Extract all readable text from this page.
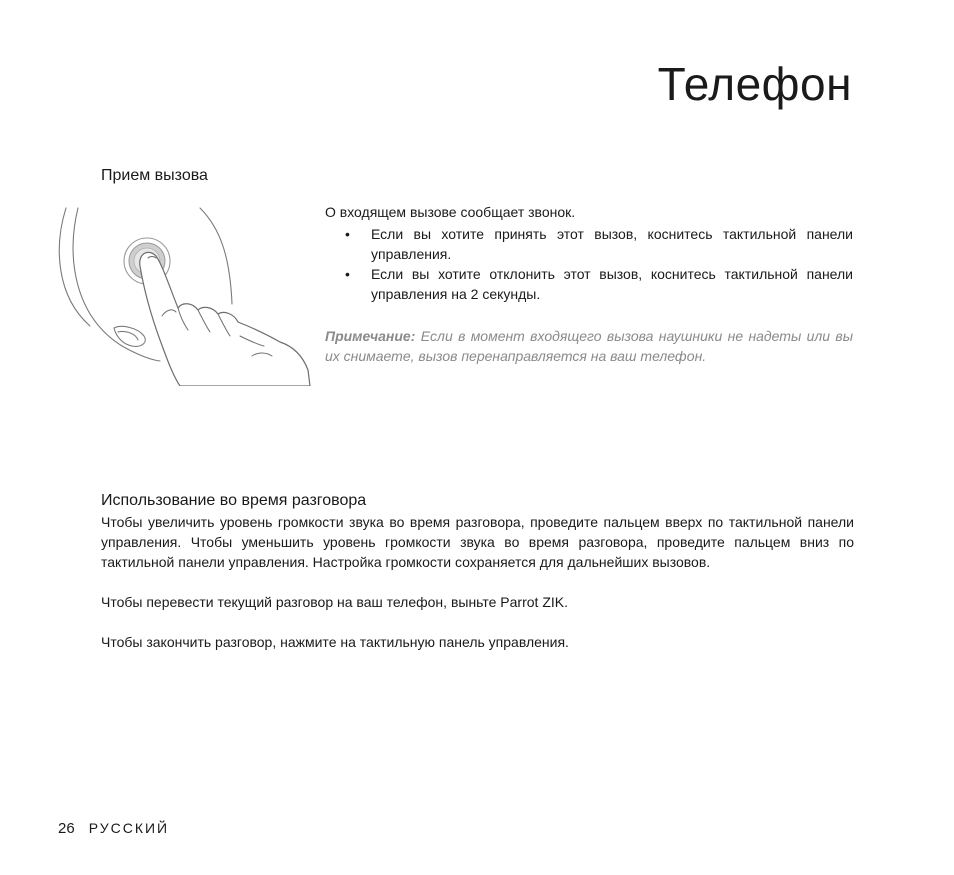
Телефон
Прием вызова

О входящем вызове сообщает звонок.

• Если вы хотите принять этот вызов, коснитесь тактильной панели управления.
• Если вы хотите отклонить этот вызов, коснитесь тактильной панели управления на 2 секунды.

Примечание: Если в момент входящего вызова наушники не надеты или вы их снимаете, вызов перенаправляется на ваш телефон.

Использование во время разговора

Чтобы увеличить уровень громкости звука во время разговора, проведите пальцем вверх по тактильной панели управления. Чтобы уменьшить уровень громкости звука во время разговора, проведите пальцем вниз по тактильной панели управления. Настройка громкости сохраняется для дальнейших вызовов.

Чтобы перевести текущий разговор на ваш телефон, выньте Parrot ZIK.

Чтобы закончить разговор, нажмите на тактильную панель управления.

26 РУССКИЙ
